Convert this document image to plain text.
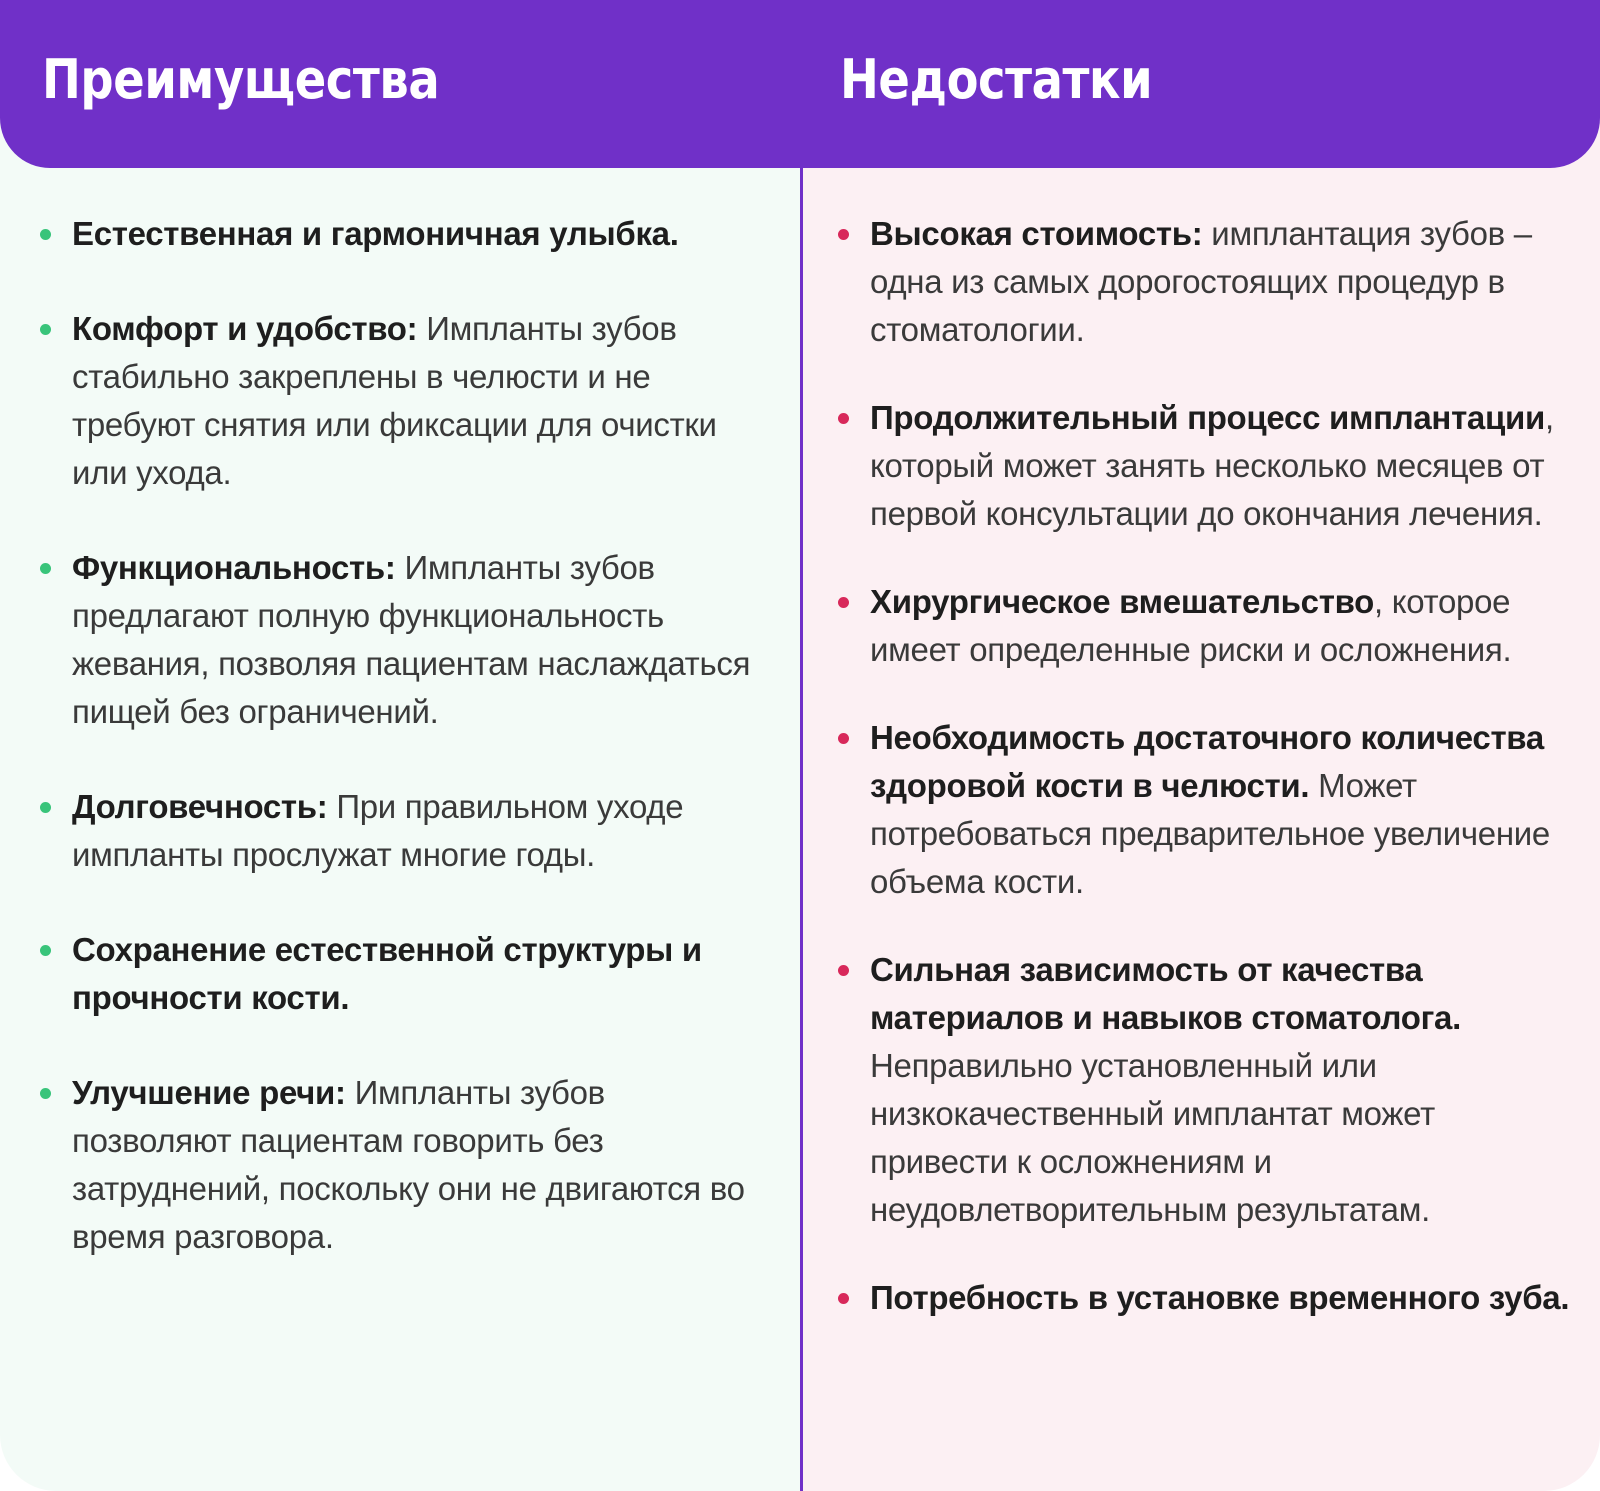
Преимущества	Недостатки
Естественная и гармоничная улыбка.
Комфорт и удобство: Импланты зубов стабильно закреплены в челюсти и не требуют снятия или фиксации для очистки или ухода.
Функциональность: Импланты зубов предлагают полную функциональность жевания, позволяя пациентам наслаждаться пищей без ограничений.
Долговечность: При правильном уходе импланты прослужат многие годы.
Сохранение естественной структуры и прочности кости.
Улучшение речи: Импланты зубов позволяют пациентам говорить без затруднений, поскольку они не двигаются во время разговора.
Высокая стоимость: имплантация зубов – одна из самых дорогостоящих процедур в стоматологии.
Продолжительный процесс имплантации, который может занять несколько месяцев от первой консультации до окончания лечения.
Хирургическое вмешательство, которое имеет определенные риски и осложнения.
Необходимость достаточного количества здоровой кости в челюсти. Может потребоваться предварительное увеличение объема кости.
Сильная зависимость от качества материалов и навыков стоматолога. Неправильно установленный или низкокачественный имплантат может привести к осложнениям и неудовлетворительным результатам.
Потребность в установке временного зуба.
